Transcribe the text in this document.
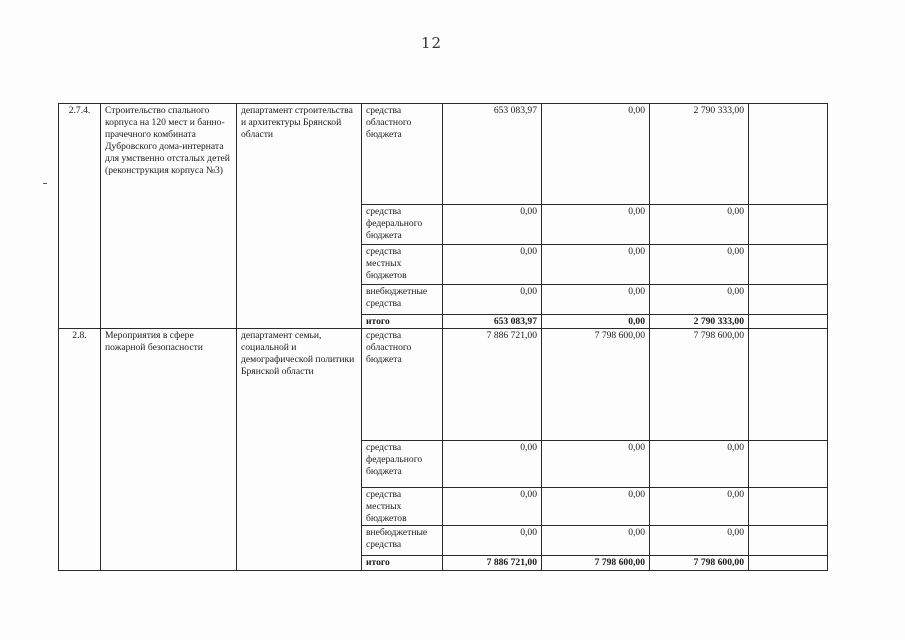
12
2.7.4.	Строительство спального корпуса на 120 мест и банно-прачечного комбината Дубровского дома-интерната для умственно отсталых детей (реконструкция корпуса №3)	департамент строительства и архитектуры Брянской области	средства областного бюджета	653 083,97	0,00	2 790 333,00	
			средства федерального бюджета	0,00	0,00	0,00	
			средства местных бюджетов	0,00	0,00	0,00	
			внебюджетные средства	0,00	0,00	0,00	
			итого	653 083,97	0,00	2 790 333,00	
2.8.	Мероприятия в сфере пожарной безопасности	департамент семьи, социальной и демографической политики Брянской области	средства областного бюджета	7 886 721,00	7 798 600,00	7 798 600,00	
			средства федерального бюджета	0,00	0,00	0,00	
			средства местных бюджетов	0,00	0,00	0,00	
			внебюджетные средства	0,00	0,00	0,00	
			итого	7 886 721,00	7 798 600,00	7 798 600,00	
